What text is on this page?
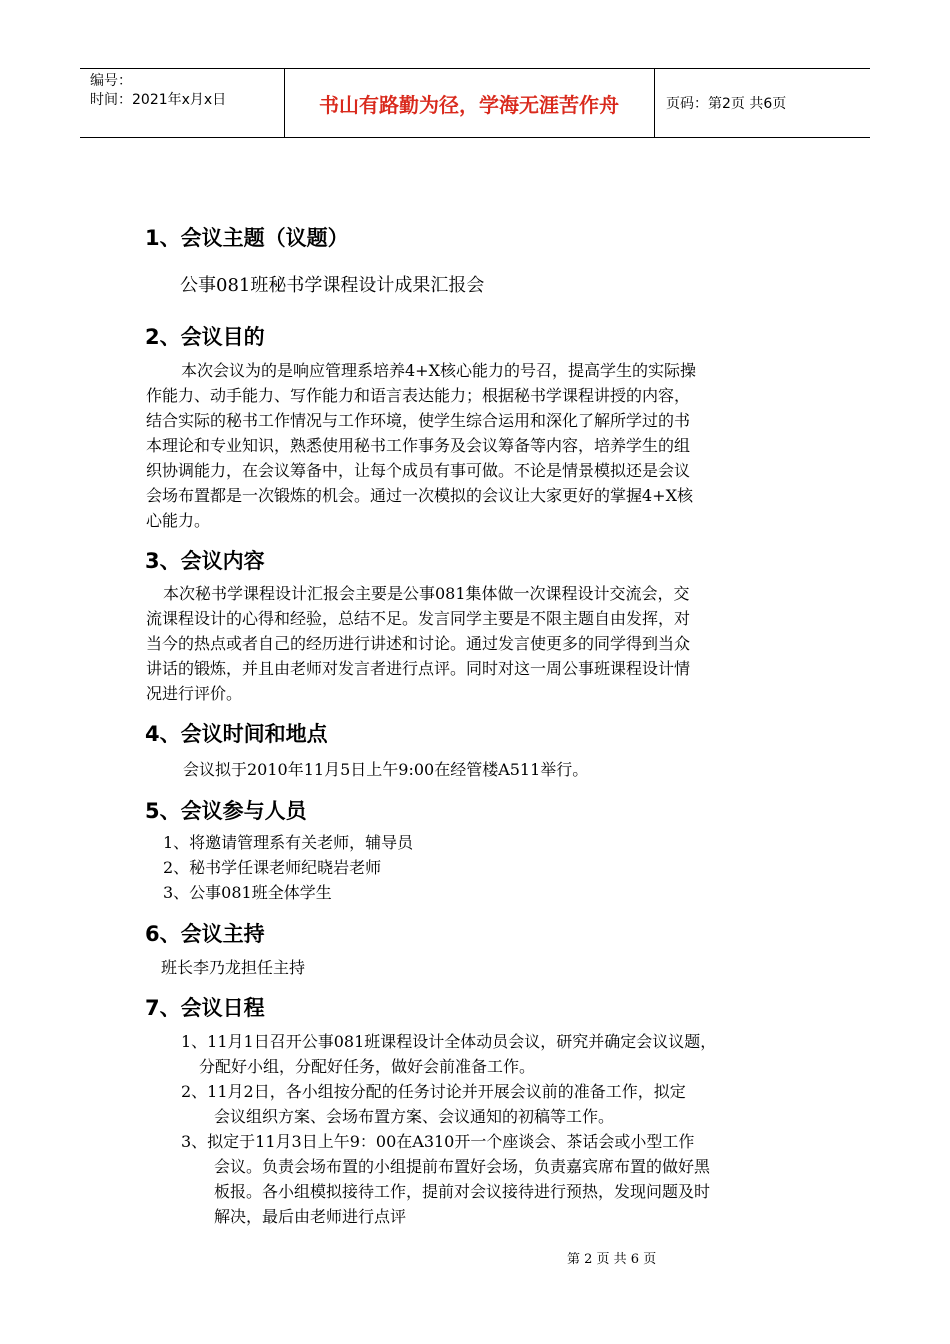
编号：
时间：2021年x月x日	书山有路勤为径，学海无涯苦作舟	页码：第2页 共6页
1、会议主题（议题）
公事081班秘书学课程设计成果汇报会
2、会议目的
本次会议为的是响应管理系培养4+X核心能力的号召，提高学生的实际操
作能力、动手能力、写作能力和语言表达能力；根据秘书学课程讲授的内容，
结合实际的秘书工作情况与工作环境，使学生综合运用和深化了解所学过的书
本理论和专业知识，熟悉使用秘书工作事务及会议筹备等内容，培养学生的组
织协调能力，在会议筹备中，让每个成员有事可做。不论是情景模拟还是会议
会场布置都是一次锻炼的机会。通过一次模拟的会议让大家更好的掌握4+X核
心能力。
3、会议内容
本次秘书学课程设计汇报会主要是公事081集体做一次课程设计交流会，交
流课程设计的心得和经验，总结不足。发言同学主要是不限主题自由发挥，对
当今的热点或者自己的经历进行讲述和讨论。通过发言使更多的同学得到当众
讲话的锻炼，并且由老师对发言者进行点评。同时对这一周公事班课程设计情
况进行评价。
4、会议时间和地点
会议拟于2010年11月5日上午9:00在经管楼A511举行。
5、会议参与人员
1、将邀请管理系有关老师，辅导员
2、秘书学任课老师纪晓岩老师
3、公事081班全体学生
6、会议主持
班长李乃龙担任主持
7、会议日程
1、11月1日召开公事081班课程设计全体动员会议，研究并确定会议议题，
分配好小组，分配好任务，做好会前准备工作。
2、11月2日，各小组按分配的任务讨论并开展会议前的准备工作，拟定
会议组织方案、会场布置方案、会议通知的初稿等工作。
3、拟定于11月3日上午9：00在A310开一个座谈会、茶话会或小型工作
会议。负责会场布置的小组提前布置好会场，负责嘉宾席布置的做好黑
板报。各小组模拟接待工作，提前对会议接待进行预热，发现问题及时
解决，最后由老师进行点评
第 2 页 共 6 页
